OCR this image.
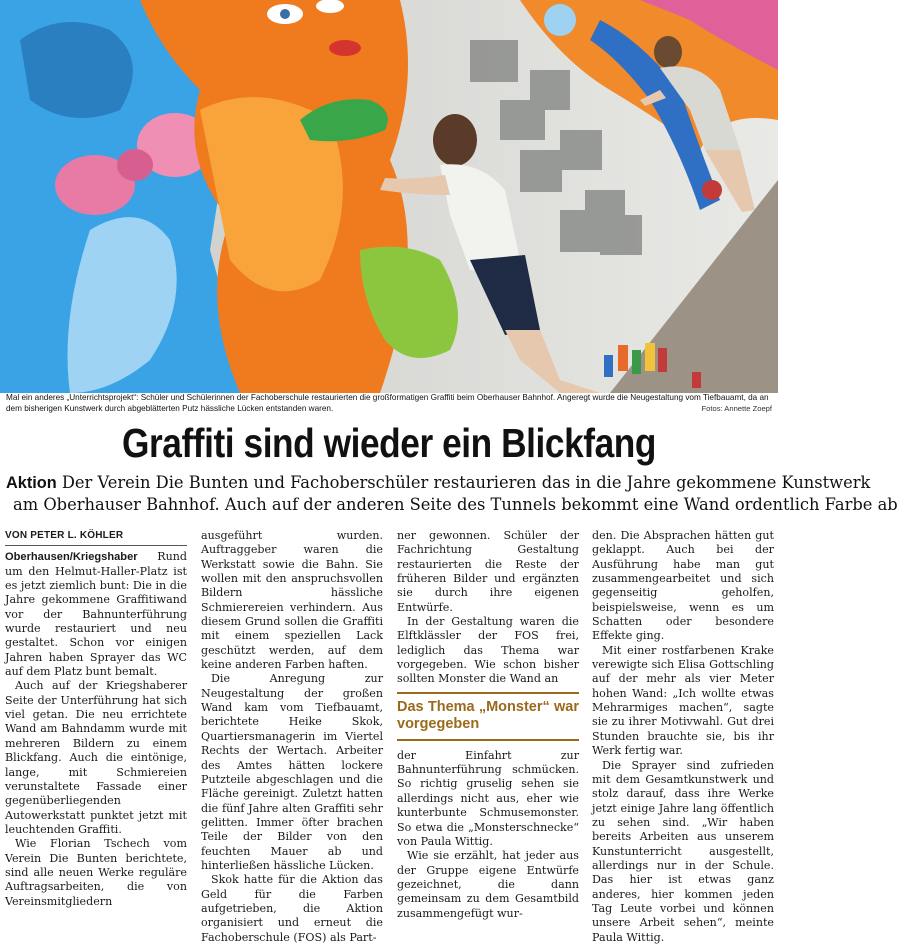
Mal ein anderes „Unterrichtsprojekt“: Schüler und Schülerinnen der Fachoberschule restaurierten die großformatigen Graffiti beim Oberhauser Bahnhof. Angeregt wurde die Neugestaltung vom Tiefbauamt, da an dem bisherigen Kunstwerk durch abgeblätterten Putz hässliche Lücken entstanden waren.	Fotos: Annette Zoepf
Graffiti sind wieder ein Blickfang
Aktion Der Verein Die Bunten und Fachoberschüler restaurieren das in die Jahre gekommene Kunstwerk
am Oberhauser Bahnhof. Auch auf der anderen Seite des Tunnels bekommt eine Wand ordentlich Farbe ab
VON PETER L. KÖHLER

Oberhausen/Kriegshaber Rund um den Helmut-Haller-Platz ist es jetzt ziemlich bunt: Die in die Jahre gekommene Graffitiwand vor der Bahnunterführung wurde restauriert und neu gestaltet. Schon vor einigen Jahren haben Sprayer das WC auf dem Platz bunt bemalt.

Auch auf der Kriegshaberer Seite der Unterführung hat sich viel getan. Die neu errichtete Wand am Bahndamm wurde mit mehreren Bildern zu einem Blickfang. Auch die eintönige, lange, mit Schmiereien verunstaltete Fassade einer gegenüberliegenden Autowerkstatt punktet jetzt mit leuchtenden Graffiti.

Wie Florian Tschech vom Verein Die Bunten berichtete, sind alle neuen Werke reguläre Auftragsarbeiten, die von Vereinsmitgliedern

ausgeführt wurden. Auftraggeber waren die Werkstatt sowie die Bahn. Sie wollen mit den anspruchsvollen Bildern hässliche Schmierereien verhindern. Aus diesem Grund sollen die Graffiti mit einem speziellen Lack geschützt werden, auf dem keine anderen Farben haften.

Die Anregung zur Neugestaltung der großen Wand kam vom Tiefbauamt, berichtete Heike Skok, Quartiersmanagerin im Viertel Rechts der Wertach. Arbeiter des Amtes hätten lockere Putzteile abgeschlagen und die Fläche gereinigt. Zuletzt hatten die fünf Jahre alten Graffiti sehr gelitten. Immer öfter brachen Teile der Bilder von den feuchten Mauer ab und hinterließen hässliche Lücken.

Skok hatte für die Aktion das Geld für die Farben aufgetrieben, die Aktion organisiert und erneut die Fachoberschule (FOS) als Part-

ner gewonnen. Schüler der Fachrichtung Gestaltung restaurierten die Reste der früheren Bilder und ergänzten sie durch ihre eigenen Entwürfe.

In der Gestaltung waren die Elftklässler der FOS frei, lediglich das Thema war vorgegeben. Wie schon bisher sollten Monster die Wand an

Das Thema „Monster“ war vorgegeben

der Einfahrt zur Bahnunterführung schmücken. So richtig gruselig sehen sie allerdings nicht aus, eher wie kunterbunte Schmusemonster. So etwa die „Monsterschnecke“ von Paula Wittig.

Wie sie erzählt, hat jeder aus der Gruppe eigene Entwürfe gezeichnet, die dann gemeinsam zu dem Gesamtbild zusammengefügt wur-

den. Die Absprachen hätten gut geklappt. Auch bei der Ausführung habe man gut zusammengearbeitet und sich gegenseitig geholfen, beispielsweise, wenn es um Schatten oder besondere Effekte ging.

Mit einer rostfarbenen Krake verewigte sich Elisa Gottschling auf der mehr als vier Meter hohen Wand: „Ich wollte etwas Mehrarmiges machen“, sagte sie zu ihrer Motivwahl. Gut drei Stunden brauchte sie, bis ihr Werk fertig war.

Die Sprayer sind zufrieden mit dem Gesamtkunstwerk und stolz darauf, dass ihre Werke jetzt einige Jahre lang öffentlich zu sehen sind. „Wir haben bereits Arbeiten aus unserem Kunstunterricht ausgestellt, allerdings nur in der Schule. Das hier ist etwas ganz anderes, hier kommen jeden Tag Leute vorbei und können unsere Arbeit sehen“, meinte Paula Wittig.
